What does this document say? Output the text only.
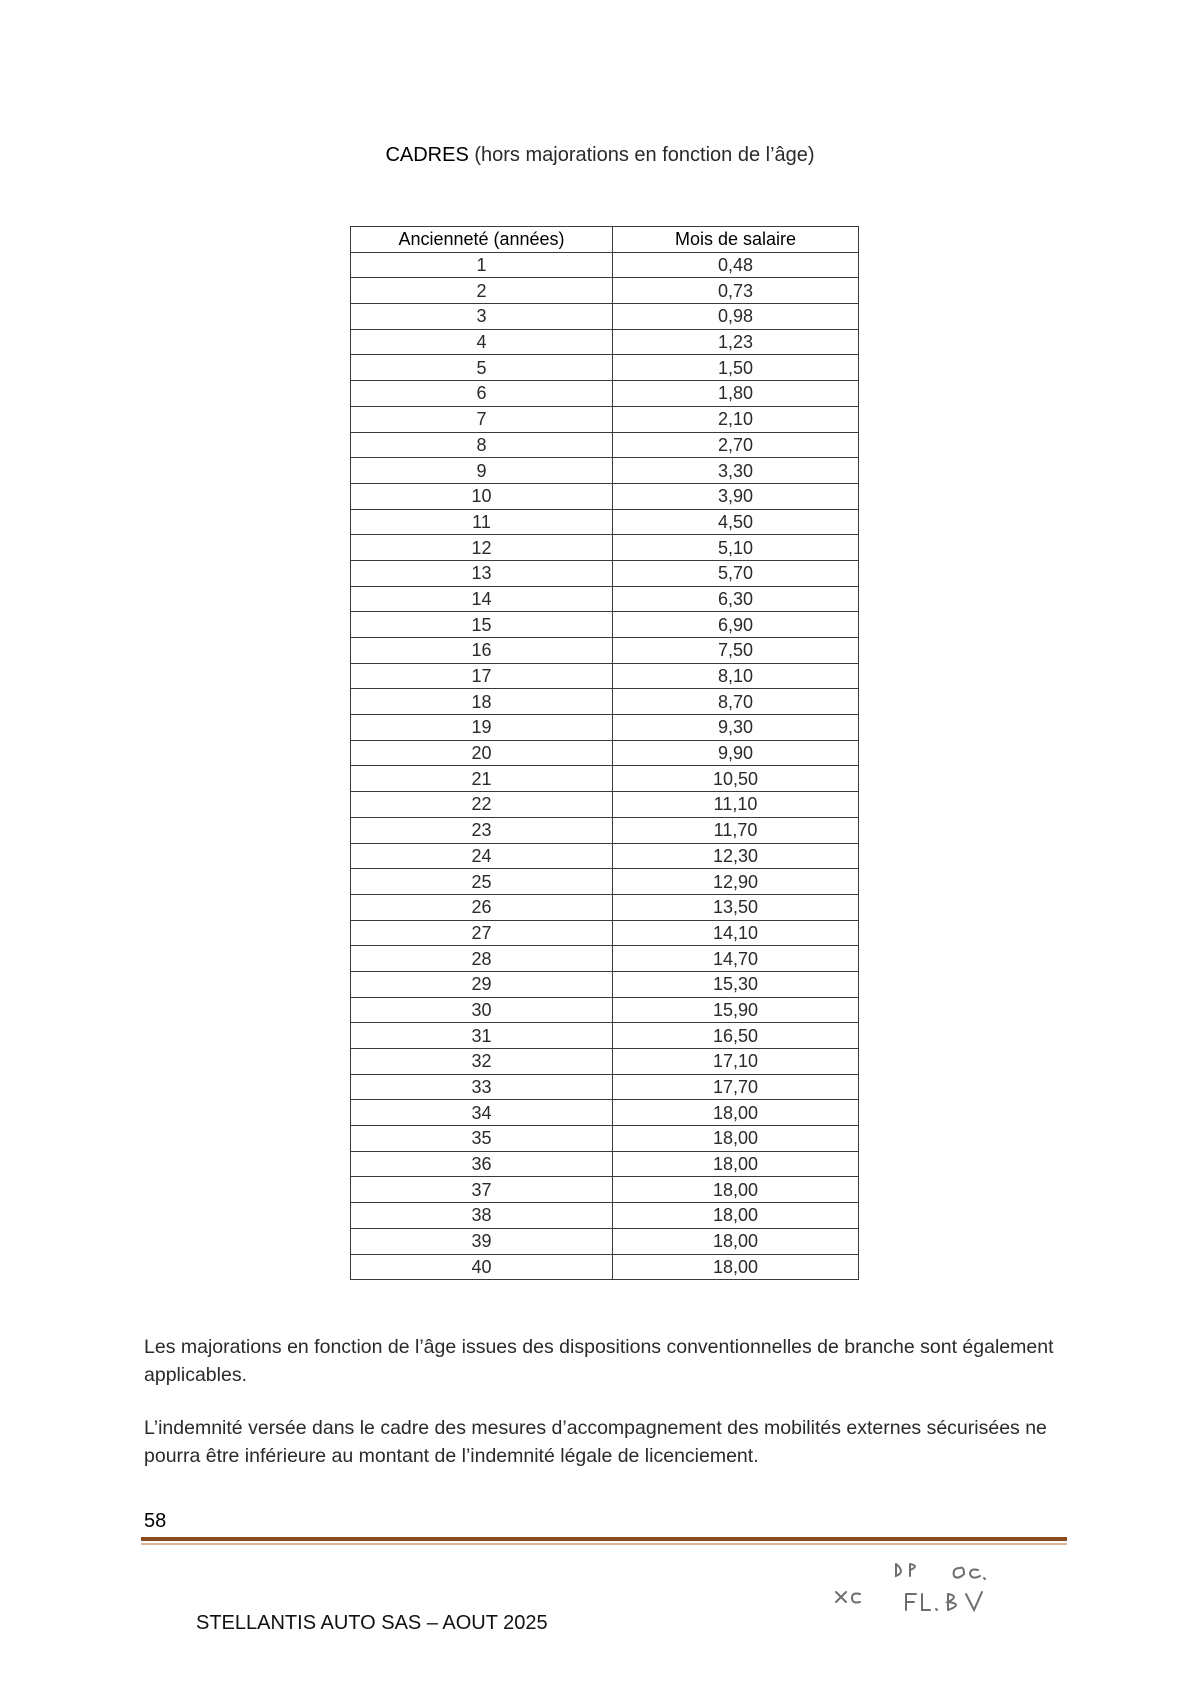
CADRES (hors majorations en fonction de l’âge)
Ancienneté (années)	Mois de salaire
1	0,48
2	0,73
3	0,98
4	1,23
5	1,50
6	1,80
7	2,10
8	2,70
9	3,30
10	3,90
11	4,50
12	5,10
13	5,70
14	6,30
15	6,90
16	7,50
17	8,10
18	8,70
19	9,30
20	9,90
21	10,50
22	11,10
23	11,70
24	12,30
25	12,90
26	13,50
27	14,10
28	14,70
29	15,30
30	15,90
31	16,50
32	17,10
33	17,70
34	18,00
35	18,00
36	18,00
37	18,00
38	18,00
39	18,00
40	18,00
Les majorations en fonction de l’âge issues des dispositions conventionnelles de branche sont également applicables.
L’indemnité versée dans le cadre des mesures d’accompagnement des mobilités externes sécurisées ne pourra être inférieure au montant de l’indemnité légale de licenciement.
58
STELLANTIS AUTO SAS – AOUT 2025
